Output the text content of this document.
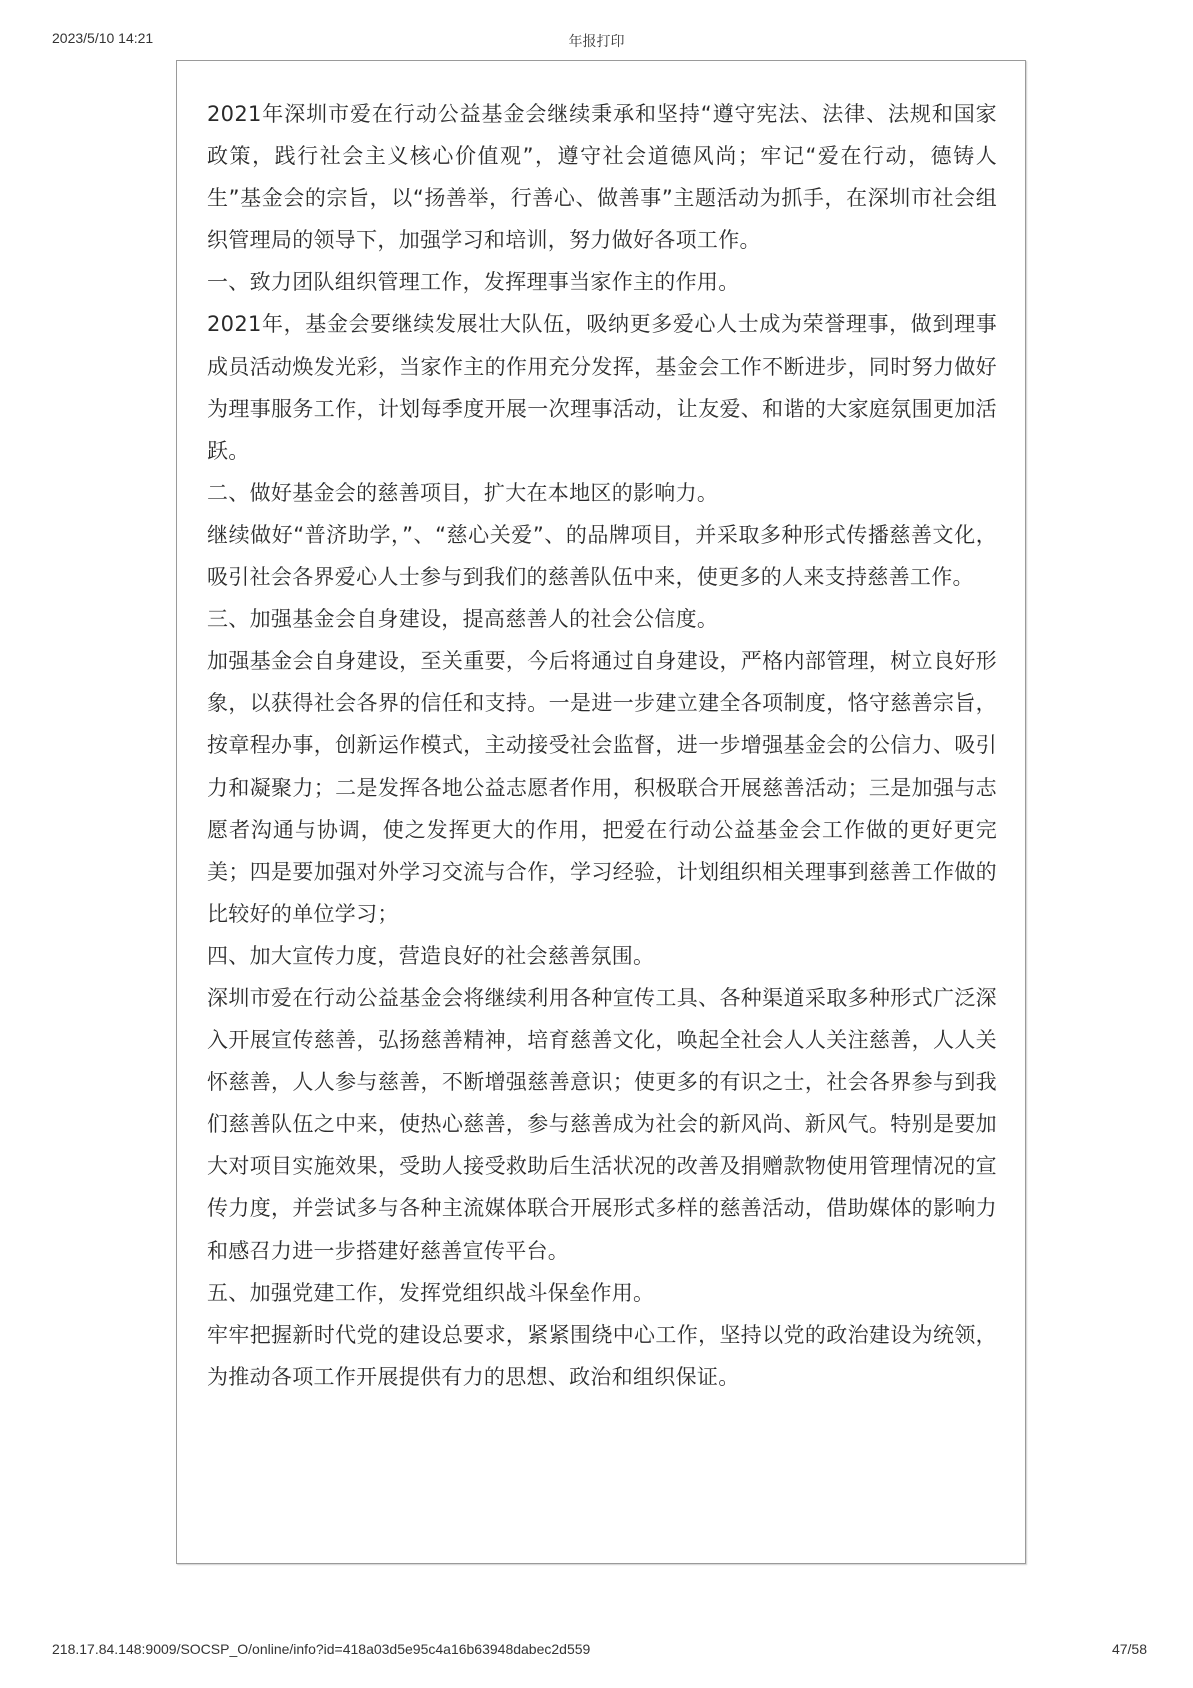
2023/5/10 14:21	年报打印

2021年深圳市爱在行动公益基金会继续秉承和坚持“遵守宪法、法律、法规和国家政策，践行社会主义核心价值观”，遵守社会道德风尚；牢记“爱在行动，德铸人生”基金会的宗旨，以“扬善举，行善心、做善事”主题活动为抓手，在深圳市社会组织管理局的领导下，加强学习和培训，努力做好各项工作。

一、致力团队组织管理工作，发挥理事当家作主的作用。

2021年，基金会要继续发展壮大队伍，吸纳更多爱心人士成为荣誉理事，做到理事成员活动焕发光彩，当家作主的作用充分发挥，基金会工作不断进步，同时努力做好为理事服务工作，计划每季度开展一次理事活动，让友爱、和谐的大家庭氛围更加活跃。

二、做好基金会的慈善项目，扩大在本地区的影响力。

继续做好“普济助学，”、“慈心关爱”、的品牌项目，并采取多种形式传播慈善文化，吸引社会各界爱心人士参与到我们的慈善队伍中来，使更多的人来支持慈善工作。

三、加强基金会自身建设，提高慈善人的社会公信度。

加强基金会自身建设，至关重要，今后将通过自身建设，严格内部管理，树立良好形象，以获得社会各界的信任和支持。一是进一步建立建全各项制度，恪守慈善宗旨，按章程办事，创新运作模式，主动接受社会监督，进一步增强基金会的公信力、吸引力和凝聚力；二是发挥各地公益志愿者作用，积极联合开展慈善活动；三是加强与志愿者沟通与协调，使之发挥更大的作用，把爱在行动公益基金会工作做的更好更完美；四是要加强对外学习交流与合作，学习经验，计划组织相关理事到慈善工作做的比较好的单位学习；

四、加大宣传力度，营造良好的社会慈善氛围。

深圳市爱在行动公益基金会将继续利用各种宣传工具、各种渠道采取多种形式广泛深 入开展宣传慈善，弘扬慈善精神，培育慈善文化，唤起全社会人人关注慈善，人人关怀慈善，人人参与慈善，不断增强慈善意识；使更多的有识之士，社会各界参与到我们慈善队伍之中来，使热心慈善，参与慈善成为社会的新风尚、新风气。特别是要加大对项目实施效果，受助人接受救助后生活状况的改善及捐赠款物使用管理情况的宣传力度，并尝试多与各种主流媒体联合开展形式多样的慈善活动，借助媒体的影响力和感召力进一步搭建好慈善宣传平台。

五、加强党建工作，发挥党组织战斗保垒作用。

牢牢把握新时代党的建设总要求，紧紧围绕中心工作，坚持以党的政治建设为统领，为推动各项工作开展提供有力的思想、政治和组织保证。

218.17.84.148:9009/SOCSP_O/online/info?id=418a03d5e95c4a16b63948dabec2d559	47/58
